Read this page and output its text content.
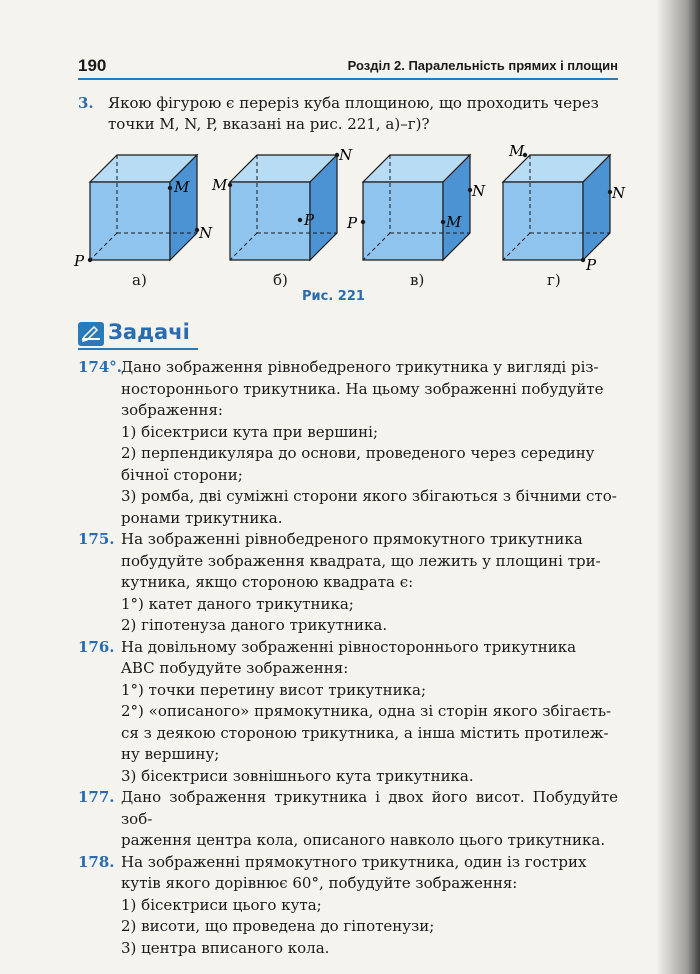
190	Розділ 2. Паралельність прямих і площин
3. Якою фігурою є переріз куба площиною, що проходить через
точки M, N, P, вказані на рис. 221, а)–г)?
M
N
P
M
N
P P
N
M
M
N
P
а)	б)	в)	г)
Рис. 221
Задачі
174°.
Дано зображення рівнобедреного трикутника у вигляді різ-
ностороннього трикутника. На цьому зображенні побудуйте
зображення:
1) бісектриси кута при вершині;
2) перпендикуляра до основи, проведеного через середину
бічної сторони;
3) ромба, дві суміжні сторони якого збігаються з бічними сто-
ронами трикутника.
175. На зображенні рівнобедреного прямокутного трикутника
побудуйте зображення квадрата, що лежить у площині три-
кутника, якщо стороною квадрата є:
1°) катет даного трикутника;
2) гіпотенуза даного трикутника.
176. На довільному зображенні рівностороннього трикутника
ABC побудуйте зображення:
1°) точки перетину висот трикутника;
2°) «описаного» прямокутника, одна зі сторін якого збігаєть-
ся з деякою стороною трикутника, а інша містить протилеж-
ну вершину;
3) бісектриси зовнішнього кута трикутника.
177. Дано зображення трикутника і двох його висот. Побудуйте зоб-
раження центра кола, описаного навколо цього трикутника.
178. На зображенні прямокутного трикутника, один із гострих
кутів якого дорівнює 60°, побудуйте зображення:
1) бісектриси цього кута;
2) висоти, що проведена до гіпотенузи;
3) центра вписаного кола.
